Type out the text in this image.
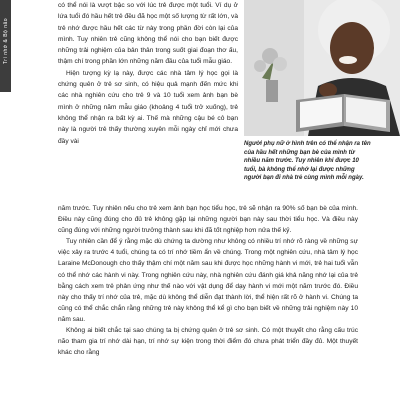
Trí nhớ & Bộ não

có thể nói là vượt bậc so với lúc trẻ được một tuổi. Ví dụ ở lứa tuổi đó hầu hết trẻ đều đã học một số lượng từ rất lớn, và trẻ nhớ được hầu hết các từ này trong phần đời còn lại của mình. Tuy nhiên trẻ cũng không thể nói cho bạn biết được những trải nghiệm của bản thân trong suốt giai đoạn thơ ấu, thậm chí trong phần lớn những năm đầu của tuổi mẫu giáo.

Hiện tượng kỳ lạ này, được các nhà tâm lý học gọi là chứng quên ở trẻ sơ sinh, có hiệu quả mạnh đến mức khi các nhà nghiên cứu cho trẻ 9 và 10 tuổi xem ảnh bạn bè mình ở những năm mẫu giáo (khoảng 4 tuổi trở xuống), trẻ không thể nhận ra bất kỳ ai. Thế mà những cậu bé cô bạn này là người trẻ thấy thường xuyên mỗi ngày chỉ mới chưa đầy vài	Người phụ nữ ở hình trên có thể nhận ra tên của hầu hết những bạn bè của mình từ nhiều năm trước. Tuy nhiên khi được 10 tuổi, bà không thể nhớ lại được những người bạn đi nhà trẻ cùng mình mỗi ngày.

năm trước. Tuy nhiên nếu cho trẻ xem ảnh bạn học tiểu học, trẻ sẽ nhận ra 90% số bạn bè của mình. Điều này cũng đúng cho đủ trẻ không gặp lại những người bạn này sau thời tiểu học. Và điều này cũng đúng với những người trưởng thành sau khi đã tốt nghiệp hơn nửa thế kỷ.

Tuy nhiên cần để ý rằng mặc dù chứng ta dường như không có nhiều trí nhớ rõ ràng về những sự việc xảy ra trước 4 tuổi, chúng ta có trí nhớ tiềm ẩn về chúng. Trong một nghiên cứu, nhà tâm lý học Laraine McDonough cho thấy thậm chí một năm sau khi được học những hành vi mới, trẻ hai tuổi vẫn có thể nhớ các hành vi này. Trong nghiên cứu này, nhà nghiên cứu đánh giá khả năng nhớ lại của trẻ bằng cách xem trẻ phản ứng như thế nào với vật dụng để dạy hành vi mới một năm trước đó. Điều này cho thấy trí nhớ của trẻ, mặc dù không thể diễn đạt thành lời, thể hiện rất rõ ở hành vi. Chúng ta cũng có thể chắc chắn rằng những trẻ này không thể kể gì cho bạn biết về những trải nghiệm này 10 năm sau.

Không ai biết chắc tại sao chúng ta bị chứng quên ở trẻ sơ sinh. Có một thuyết cho rằng cấu trúc não tham gia trí nhớ dài hạn, trí nhớ sự kiện trong thời điểm đó chưa phát triển đầy đủ. Một thuyết khác cho rằng
